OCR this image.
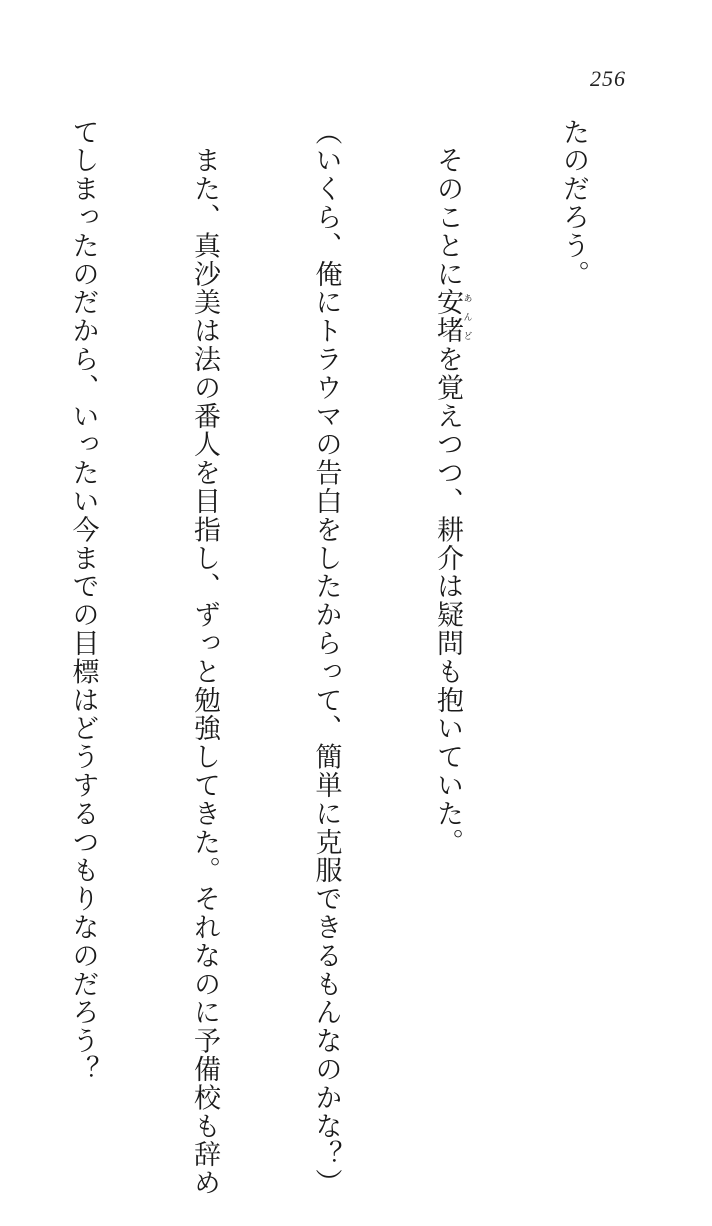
256

たのだろう。

　そのことに安堵あんどを覚えつつ、耕介は疑問も抱いていた。

（いくら、俺にトラウマの告白をしたからって、簡単に克服できるもんなのかな？）

　また、真沙美は法の番人を目指し、ずっと勉強してきた。それなのに予備校も辞め

てしまったのだから、いったい今までの目標はどうするつもりなのだろう？
